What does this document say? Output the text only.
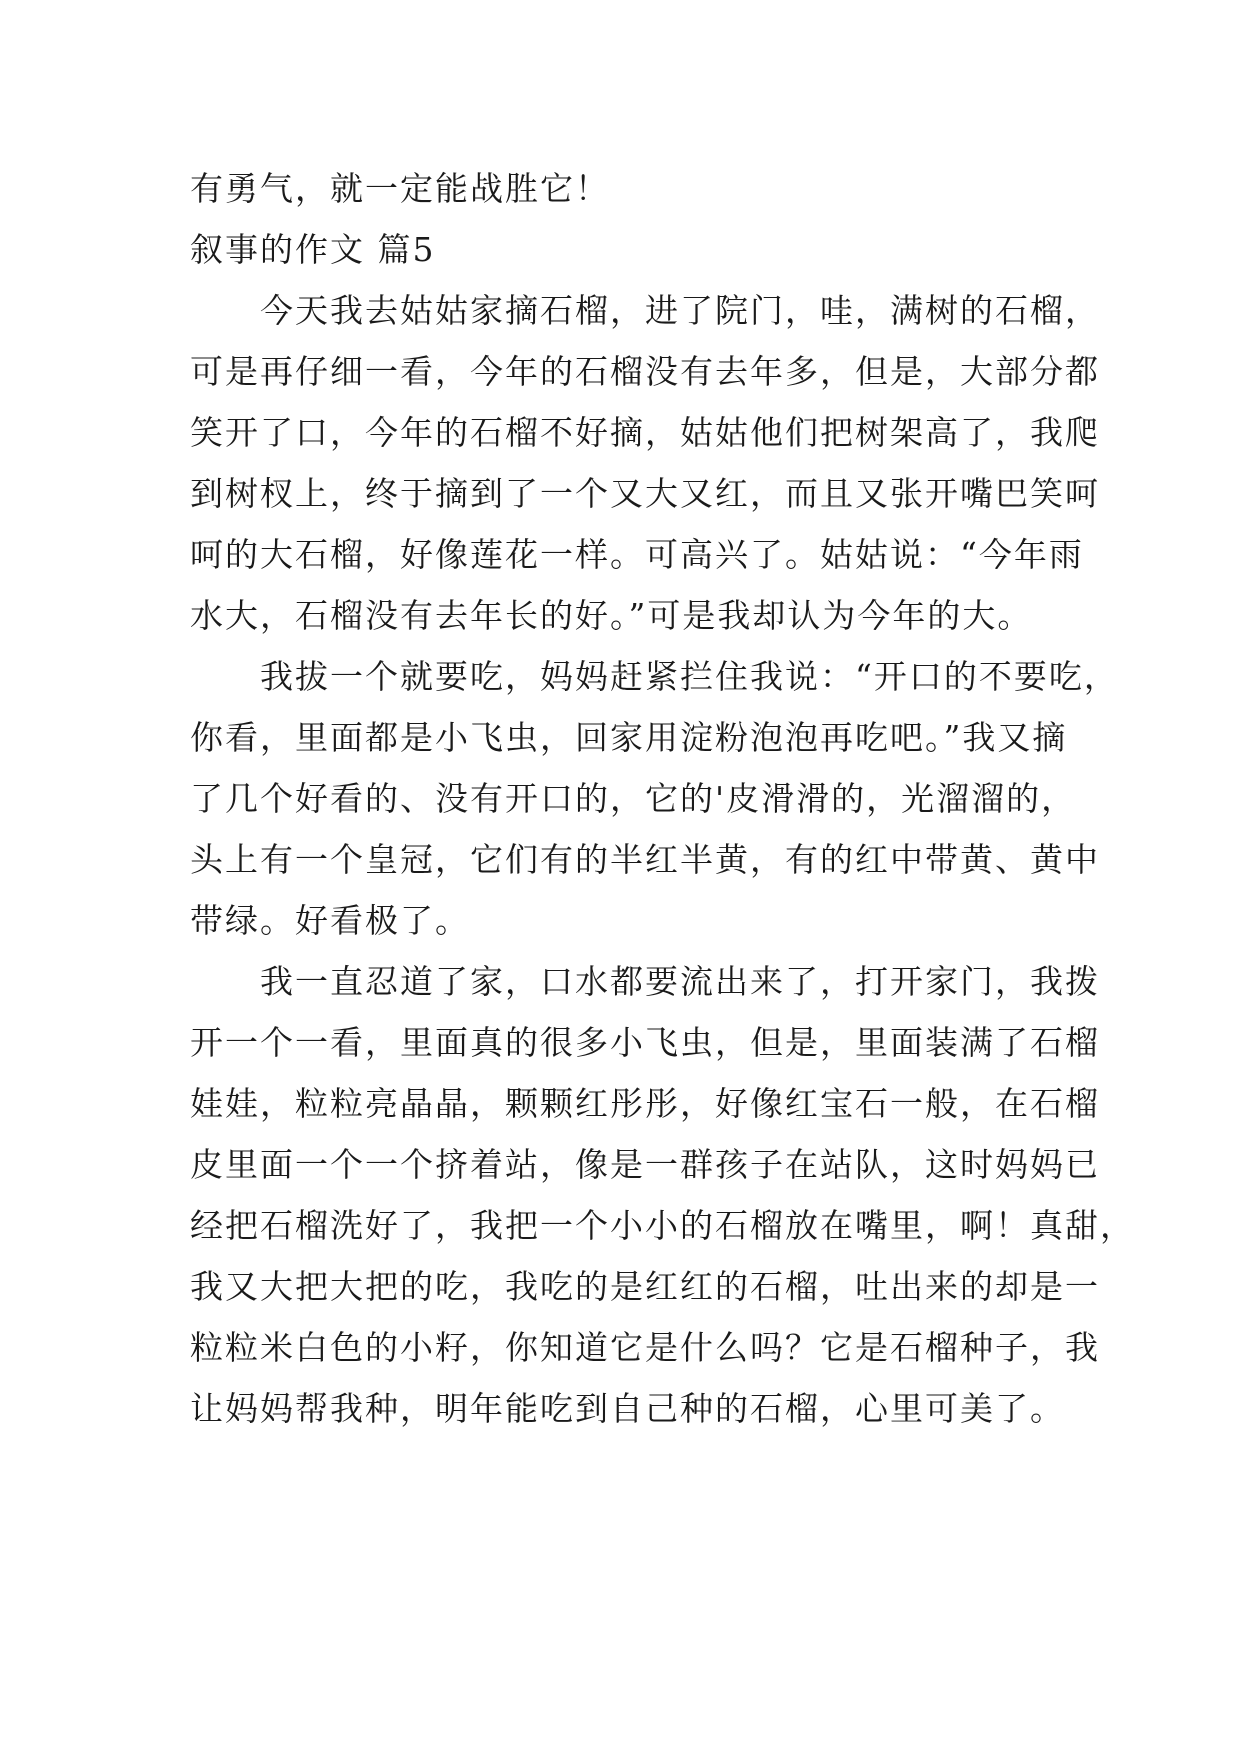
有勇气，就一定能战胜它！

叙事的作文 篇5

今天我去姑姑家摘石榴，进了院门，哇，满树的石榴，

可是再仔细一看，今年的石榴没有去年多，但是，大部分都

笑开了口，今年的石榴不好摘，姑姑他们把树架高了，我爬

到树杈上，终于摘到了一个又大又红，而且又张开嘴巴笑呵

呵的大石榴，好像莲花一样。可高兴了。姑姑说：“今年雨

水大，石榴没有去年长的好。”可是我却认为今年的大。

我拔一个就要吃，妈妈赶紧拦住我说：“开口的不要吃，

你看，里面都是小飞虫，回家用淀粉泡泡再吃吧。”我又摘

了几个好看的、没有开口的，它的'皮滑滑的，光溜溜的，

头上有一个皇冠，它们有的半红半黄，有的红中带黄、黄中

带绿。好看极了。

我一直忍道了家，口水都要流出来了，打开家门，我拨

开一个一看，里面真的很多小飞虫，但是，里面装满了石榴

娃娃，粒粒亮晶晶，颗颗红彤彤，好像红宝石一般，在石榴

皮里面一个一个挤着站，像是一群孩子在站队，这时妈妈已

经把石榴洗好了，我把一个小小的石榴放在嘴里，啊！真甜，

我又大把大把的吃，我吃的是红红的石榴，吐出来的却是一

粒粒米白色的小籽，你知道它是什么吗？它是石榴种子，我

让妈妈帮我种，明年能吃到自己种的石榴，心里可美了。
